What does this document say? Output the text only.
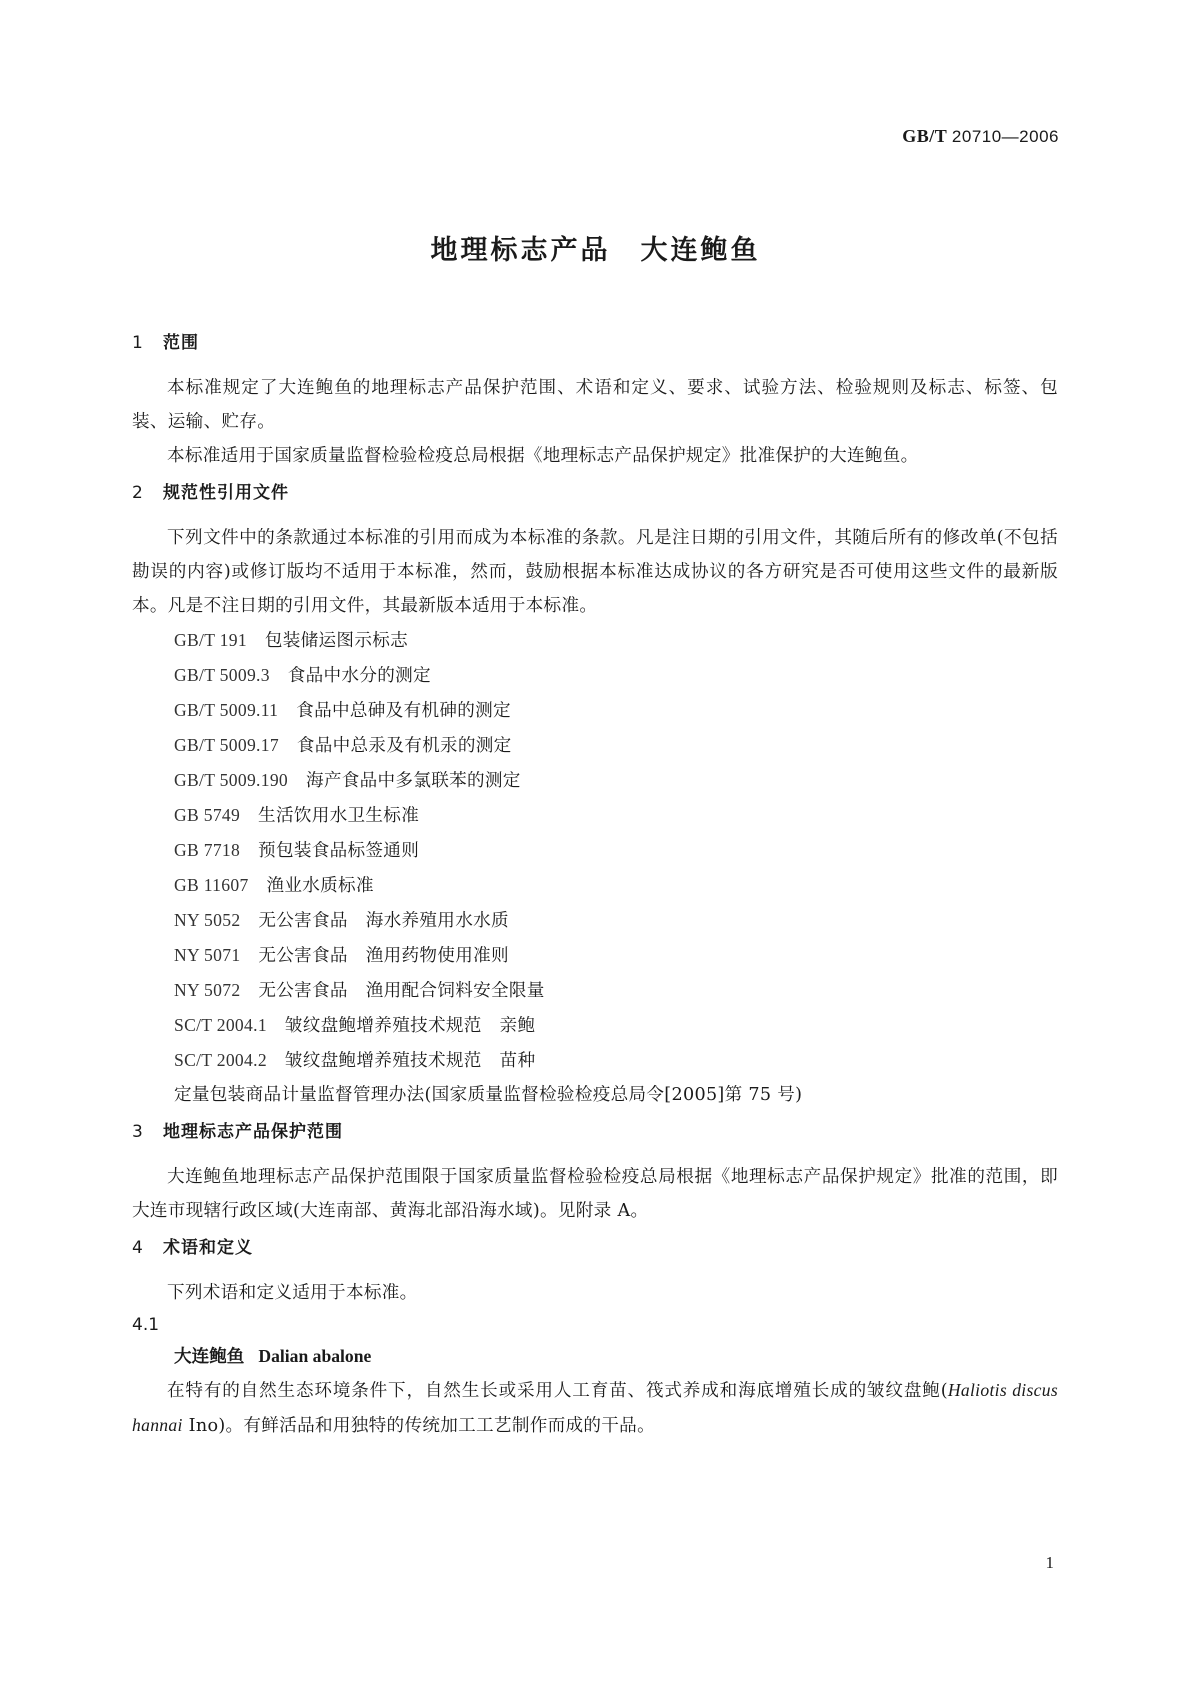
GB/T 20710—2006
地理标志产品　大连鲍鱼
1 范围
本标准规定了大连鲍鱼的地理标志产品保护范围、术语和定义、要求、试验方法、检验规则及标志、标签、包装、运输、贮存。
本标准适用于国家质量监督检验检疫总局根据《地理标志产品保护规定》批准保护的大连鲍鱼。
2 规范性引用文件
下列文件中的条款通过本标准的引用而成为本标准的条款。凡是注日期的引用文件，其随后所有的修改单(不包括勘误的内容)或修订版均不适用于本标准，然而，鼓励根据本标准达成协议的各方研究是否可使用这些文件的最新版本。凡是不注日期的引用文件，其最新版本适用于本标准。
GB/T 191　 包装储运图示标志
GB/T 5009.3　 食品中水分的测定
GB/T 5009.11　 食品中总砷及有机砷的测定
GB/T 5009.17　 食品中总汞及有机汞的测定
GB/T 5009.190　 海产食品中多氯联苯的测定
GB 5749　 生活饮用水卫生标准
GB 7718　 预包装食品标签通则
GB 11607　 渔业水质标准
NY 5052　 无公害食品　海水养殖用水水质
NY 5071　 无公害食品　渔用药物使用准则
NY 5072　 无公害食品　渔用配合饲料安全限量
SC/T 2004.1　 皱纹盘鲍增养殖技术规范　亲鲍
SC/T 2004.2　 皱纹盘鲍增养殖技术规范　苗种
定量包装商品计量监督管理办法(国家质量监督检验检疫总局令[2005]第 75 号)
3 地理标志产品保护范围
大连鲍鱼地理标志产品保护范围限于国家质量监督检验检疫总局根据《地理标志产品保护规定》批准的范围，即大连市现辖行政区域(大连南部、黄海北部沿海水域)。见附录 A。
4 术语和定义
下列术语和定义适用于本标准。
4.1
大连鲍鱼 Dalian abalone
在特有的自然生态环境条件下，自然生长或采用人工育苗、筏式养成和海底增殖长成的皱纹盘鲍(Haliotis discus hannai Ino)。有鲜活品和用独特的传统加工工艺制作而成的干品。
1
